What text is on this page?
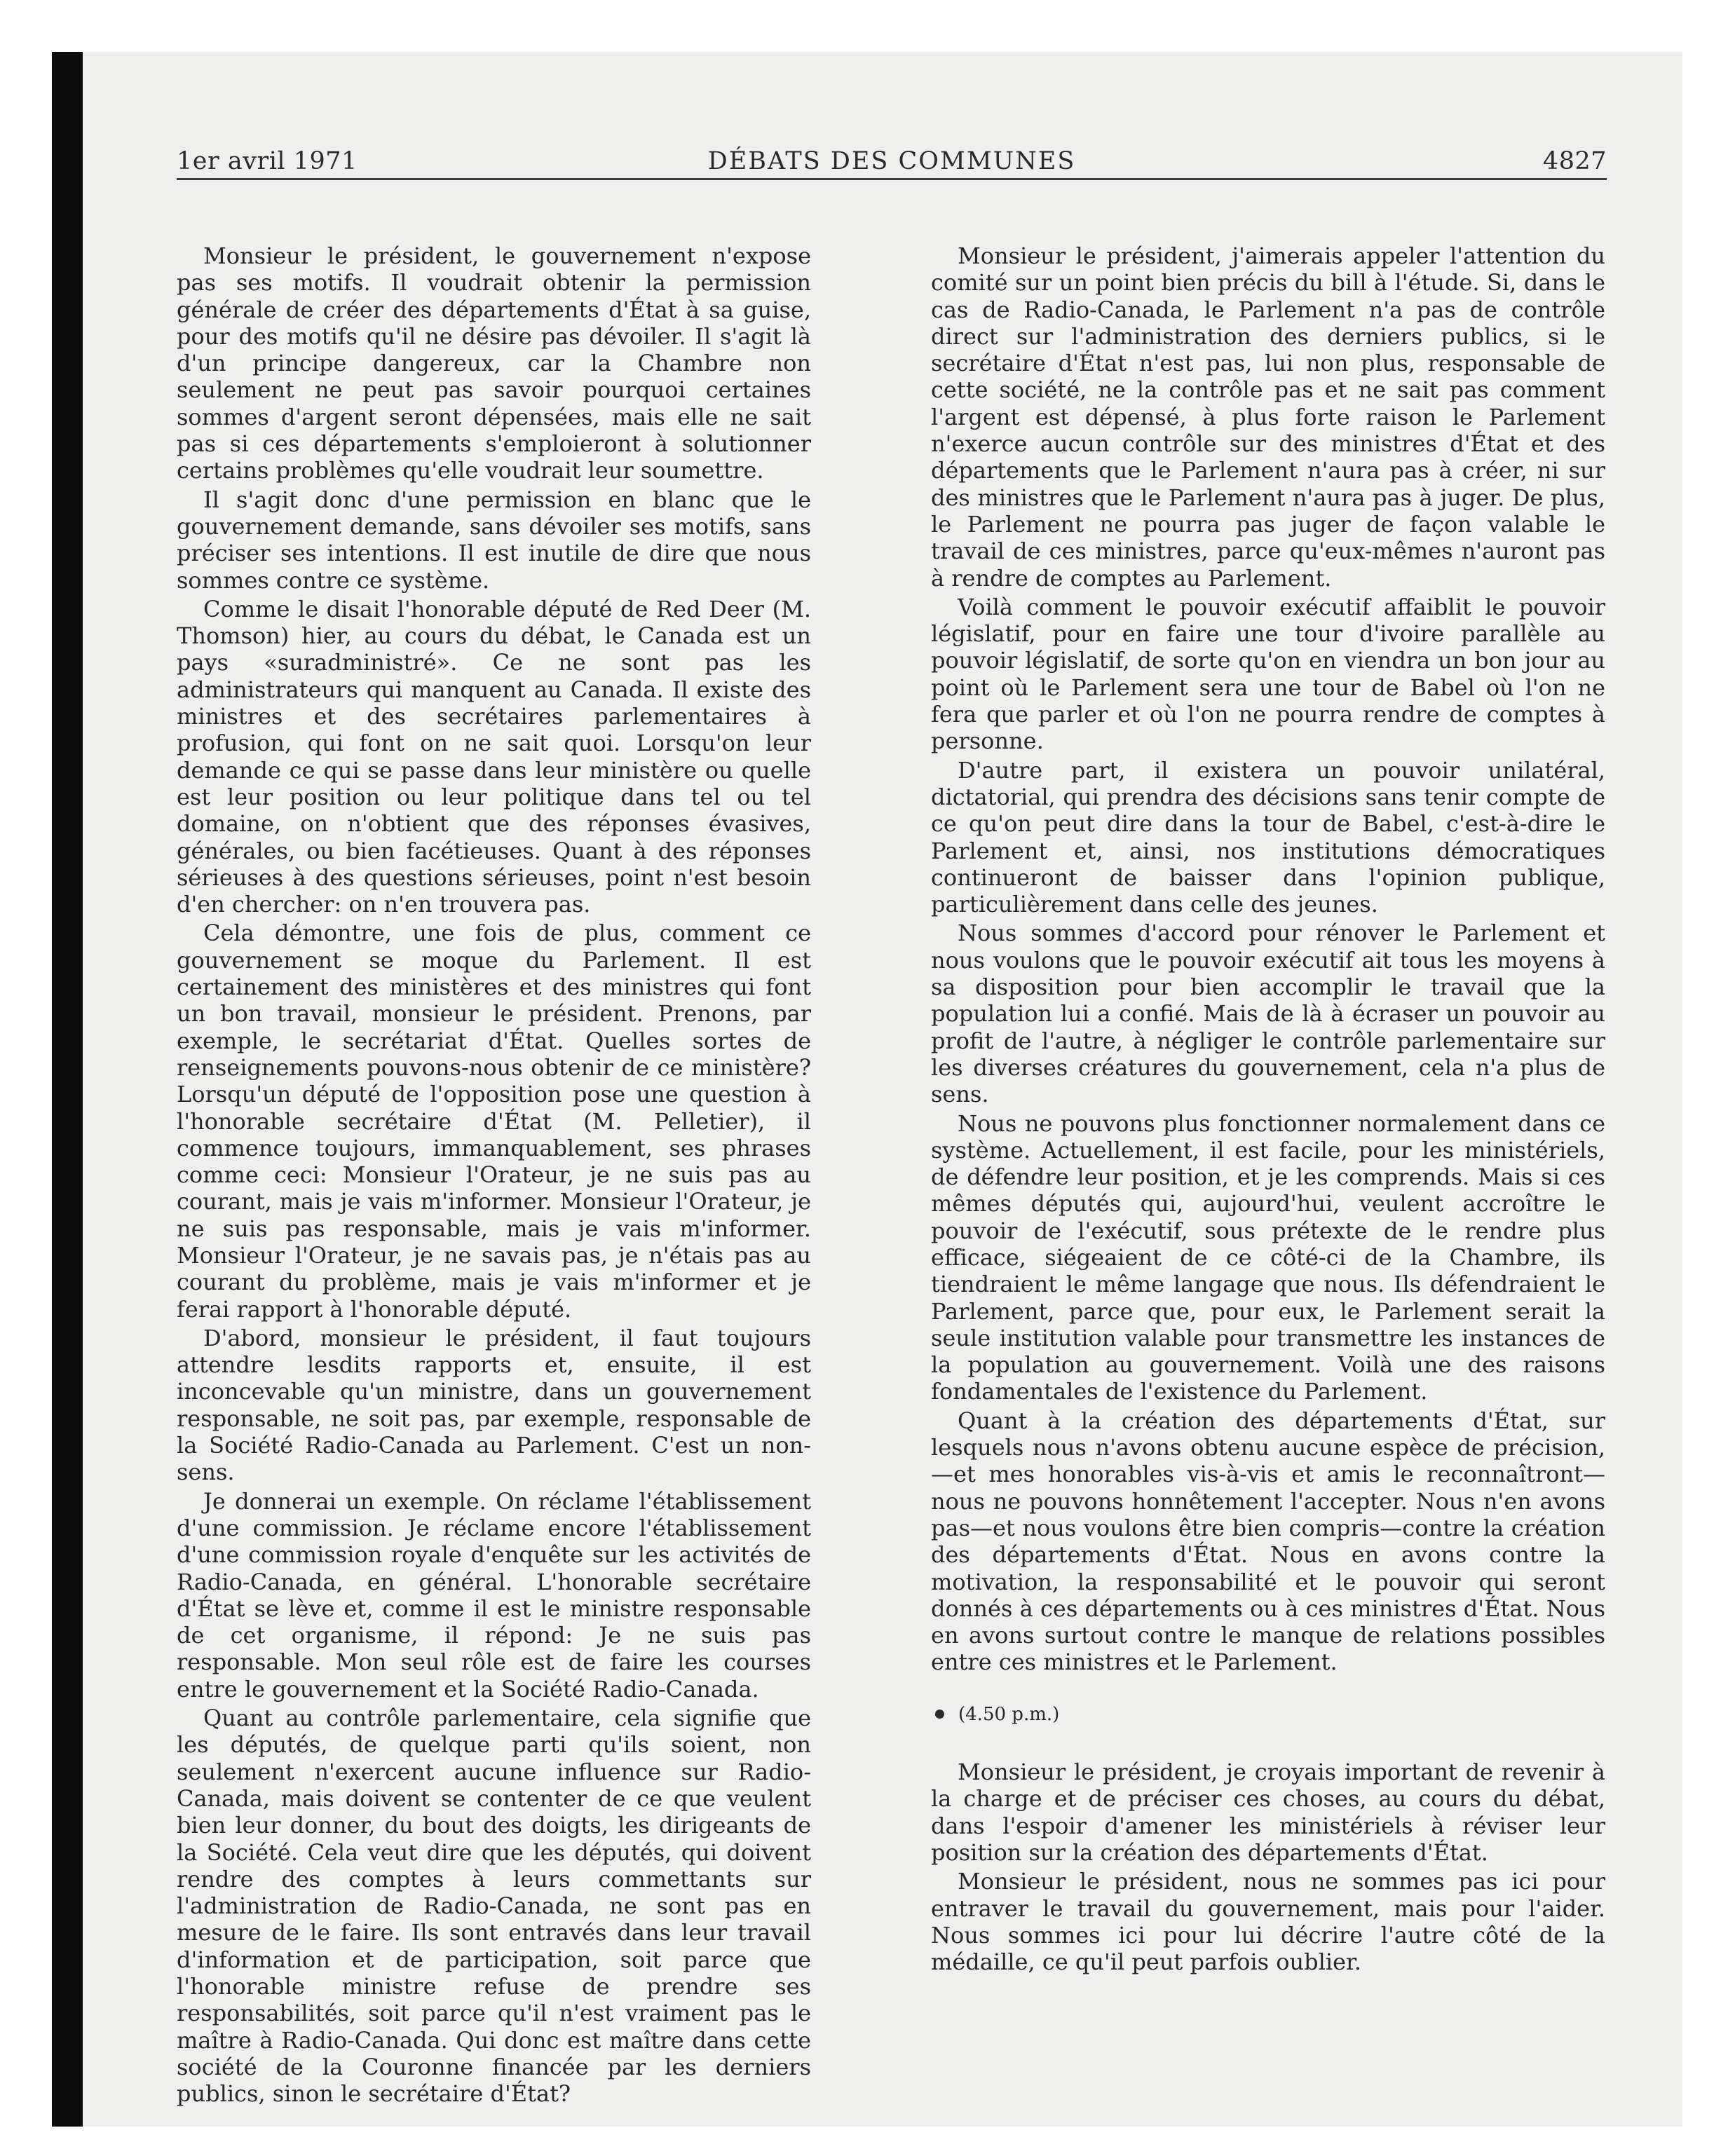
1er avril 1971	DÉBATS DES COMMUNES	4827

Monsieur le président, le gouvernement n'expose pas ses motifs. Il voudrait obtenir la permission générale de créer des départements d'État à sa guise, pour des motifs qu'il ne désire pas dévoiler. Il s'agit là d'un principe dangereux, car la Chambre non seulement ne peut pas savoir pourquoi certaines sommes d'argent seront dépensées, mais elle ne sait pas si ces départements s'emploieront à solutionner certains problèmes qu'elle voudrait leur soumettre.

Il s'agit donc d'une permission en blanc que le gouvernement demande, sans dévoiler ses motifs, sans préciser ses intentions. Il est inutile de dire que nous sommes contre ce système.

Comme le disait l'honorable député de Red Deer (M. Thomson) hier, au cours du débat, le Canada est un pays «suradministré». Ce ne sont pas les administrateurs qui manquent au Canada. Il existe des ministres et des secrétaires parlementaires à profusion, qui font on ne sait quoi. Lorsqu'on leur demande ce qui se passe dans leur ministère ou quelle est leur position ou leur politique dans tel ou tel domaine, on n'obtient que des réponses évasives, générales, ou bien facétieuses. Quant à des réponses sérieuses à des questions sérieuses, point n'est besoin d'en chercher: on n'en trouvera pas.

Cela démontre, une fois de plus, comment ce gouvernement se moque du Parlement. Il est certainement des ministères et des ministres qui font un bon travail, monsieur le président. Prenons, par exemple, le secrétariat d'État. Quelles sortes de renseignements pouvons-nous obtenir de ce ministère? Lorsqu'un député de l'opposition pose une question à l'honorable secrétaire d'État (M. Pelletier), il commence toujours, immanquablement, ses phrases comme ceci: Monsieur l'Orateur, je ne suis pas au courant, mais je vais m'informer. Monsieur l'Orateur, je ne suis pas responsable, mais je vais m'informer. Monsieur l'Orateur, je ne savais pas, je n'étais pas au courant du problème, mais je vais m'informer et je ferai rapport à l'honorable député.

D'abord, monsieur le président, il faut toujours attendre lesdits rapports et, ensuite, il est inconcevable qu'un ministre, dans un gouvernement responsable, ne soit pas, par exemple, responsable de la Société Radio-Canada au Parlement. C'est un non-sens.

Je donnerai un exemple. On réclame l'établissement d'une commission. Je réclame encore l'établissement d'une commission royale d'enquête sur les activités de Radio-Canada, en général. L'honorable secrétaire d'État se lève et, comme il est le ministre responsable de cet organisme, il répond: Je ne suis pas responsable. Mon seul rôle est de faire les courses entre le gouvernement et la Société Radio-Canada.

Quant au contrôle parlementaire, cela signifie que les députés, de quelque parti qu'ils soient, non seulement n'exercent aucune influence sur Radio-Canada, mais doivent se contenter de ce que veulent bien leur donner, du bout des doigts, les dirigeants de la Société. Cela veut dire que les députés, qui doivent rendre des comptes à leurs commettants sur l'administration de Radio-Canada, ne sont pas en mesure de le faire. Ils sont entravés dans leur travail d'information et de participation, soit parce que l'honorable ministre refuse de prendre ses responsabilités, soit parce qu'il n'est vraiment pas le maître à Radio-Canada. Qui donc est maître dans cette société de la Couronne financée par les derniers publics, sinon le secrétaire d'État?

Monsieur le président, j'aimerais appeler l'attention du comité sur un point bien précis du bill à l'étude. Si, dans le cas de Radio-Canada, le Parlement n'a pas de contrôle direct sur l'administration des derniers publics, si le secrétaire d'État n'est pas, lui non plus, responsable de cette société, ne la contrôle pas et ne sait pas comment l'argent est dépensé, à plus forte raison le Parlement n'exerce aucun contrôle sur des ministres d'État et des départements que le Parlement n'aura pas à créer, ni sur des ministres que le Parlement n'aura pas à juger. De plus, le Parlement ne pourra pas juger de façon valable le travail de ces ministres, parce qu'eux-mêmes n'auront pas à rendre de comptes au Parlement.

Voilà comment le pouvoir exécutif affaiblit le pouvoir législatif, pour en faire une tour d'ivoire parallèle au pouvoir législatif, de sorte qu'on en viendra un bon jour au point où le Parlement sera une tour de Babel où l'on ne fera que parler et où l'on ne pourra rendre de comptes à personne.

D'autre part, il existera un pouvoir unilatéral, dictatorial, qui prendra des décisions sans tenir compte de ce qu'on peut dire dans la tour de Babel, c'est-à-dire le Parlement et, ainsi, nos institutions démocratiques continueront de baisser dans l'opinion publique, particulièrement dans celle des jeunes.

Nous sommes d'accord pour rénover le Parlement et nous voulons que le pouvoir exécutif ait tous les moyens à sa disposition pour bien accomplir le travail que la population lui a confié. Mais de là à écraser un pouvoir au profit de l'autre, à négliger le contrôle parlementaire sur les diverses créatures du gouvernement, cela n'a plus de sens.

Nous ne pouvons plus fonctionner normalement dans ce système. Actuellement, il est facile, pour les ministériels, de défendre leur position, et je les comprends. Mais si ces mêmes députés qui, aujourd'hui, veulent accroître le pouvoir de l'exécutif, sous prétexte de le rendre plus efficace, siégeaient de ce côté-ci de la Chambre, ils tiendraient le même langage que nous. Ils défendraient le Parlement, parce que, pour eux, le Parlement serait la seule institution valable pour transmettre les instances de la population au gouvernement. Voilà une des raisons fondamentales de l'existence du Parlement.

Quant à la création des départements d'État, sur lesquels nous n'avons obtenu aucune espèce de précision,—et mes honorables vis-à-vis et amis le reconnaîtront—nous ne pouvons honnêtement l'accepter. Nous n'en avons pas—et nous voulons être bien compris—contre la création des départements d'État. Nous en avons contre la motivation, la responsabilité et le pouvoir qui seront donnés à ces départements ou à ces ministres d'État. Nous en avons surtout contre le manque de relations possibles entre ces ministres et le Parlement.

(4.50 p.m.)

Monsieur le président, je croyais important de revenir à la charge et de préciser ces choses, au cours du débat, dans l'espoir d'amener les ministériels à réviser leur position sur la création des départements d'État.

Monsieur le président, nous ne sommes pas ici pour entraver le travail du gouvernement, mais pour l'aider. Nous sommes ici pour lui décrire l'autre côté de la médaille, ce qu'il peut parfois oublier.
